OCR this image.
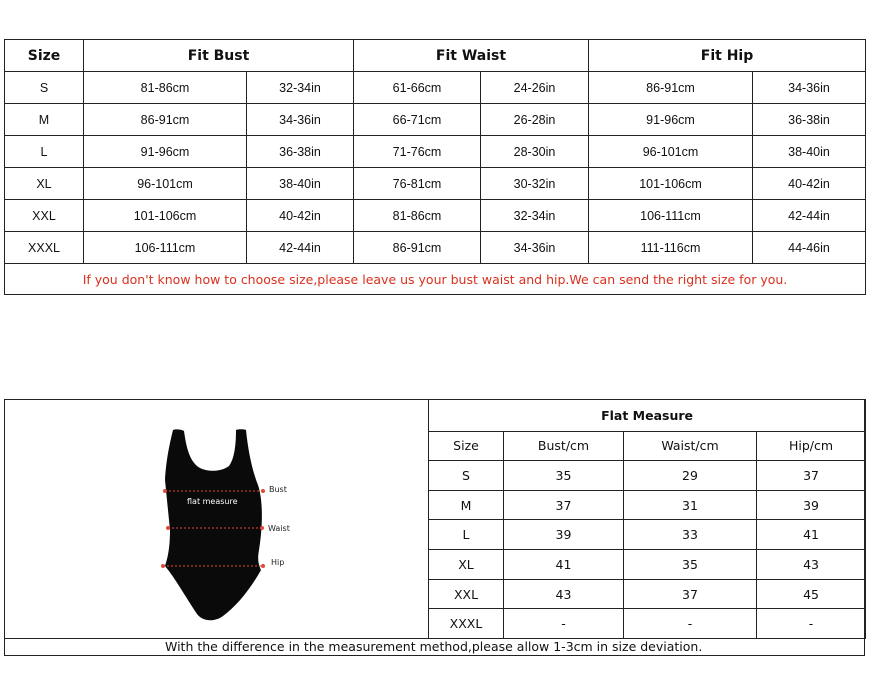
Size	Fit Bust		Fit Waist		Fit Hip	
S	81-86cm	32-34in	61-66cm	24-26in	86-91cm	34-36in
M	86-91cm	34-36in	66-71cm	26-28in	91-96cm	36-38in
L	91-96cm	36-38in	71-76cm	28-30in	96-101cm	38-40in
XL	96-101cm	38-40in	76-81cm	30-32in	101-106cm	40-42in
XXL	101-106cm	40-42in	81-86cm	32-34in	106-111cm	42-44in
XXXL	106-111cm	42-44in	86-91cm	34-36in	111-116cm	44-46in
If you don't know how to choose size,please leave us your bust waist and hip.We can send the right size for you.						
flat measure
Bust
Waist
Hip
Flat Measure			
Size	Bust/cm	Waist/cm	Hip/cm
S	35	29	37
M	37	31	39
L	39	33	41
XL	41	35	43
XXL	43	37	45
XXXL	-	-	-
With the difference in the measurement method,please allow 1-3cm in size deviation.
